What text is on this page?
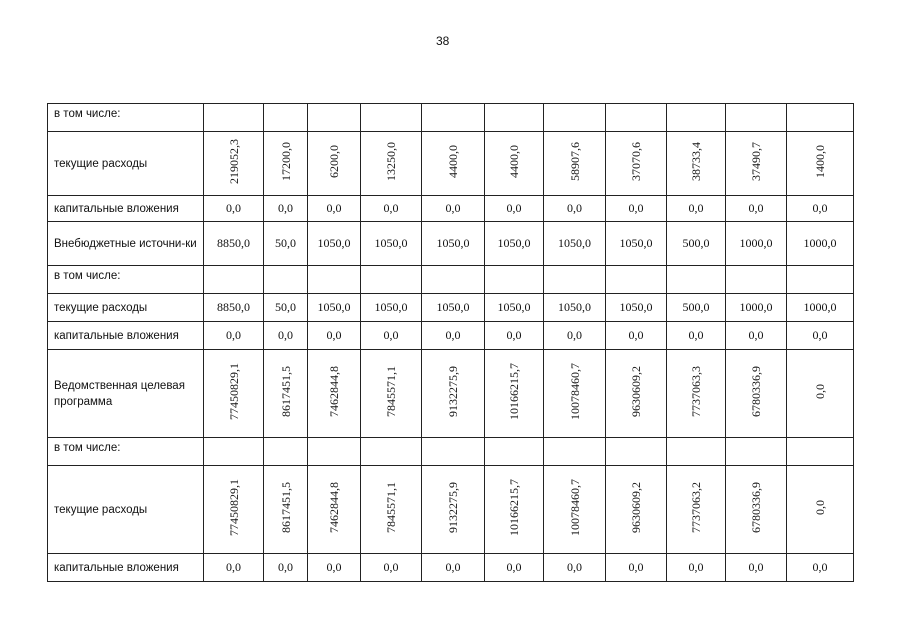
38
в том числе:											
текущие расходы	219052,3	17200,0	6200,0	13250,0	4400,0	4400,0	58907,6	37070,6	38733,4	37490,7	1400,0
капитальные вложения	0,0	0,0	0,0	0,0	0,0	0,0	0,0	0,0	0,0	0,0	0,0
Внебюджетные источни-ки	8850,0	50,0	1050,0	1050,0	1050,0	1050,0	1050,0	1050,0	500,0	1000,0	1000,0
в том числе:											
текущие расходы	8850,0	50,0	1050,0	1050,0	1050,0	1050,0	1050,0	1050,0	500,0	1000,0	1000,0
капитальные вложения	0,0	0,0	0,0	0,0	0,0	0,0	0,0	0,0	0,0	0,0	0,0
Ведомственная целевая программа	77450829,1	8617451,5	7462844,8	7845571,1	9132275,9	10166215,7	10078460,7	9630609,2	7737063,3	6780336,9	0,0
в том числе:											
текущие расходы	77450829,1	8617451,5	7462844,8	7845571,1	9132275,9	10166215,7	10078460,7	9630609,2	7737063,2	6780336,9	0,0
капитальные вложения	0,0	0,0	0,0	0,0	0,0	0,0	0,0	0,0	0,0	0,0	0,0
